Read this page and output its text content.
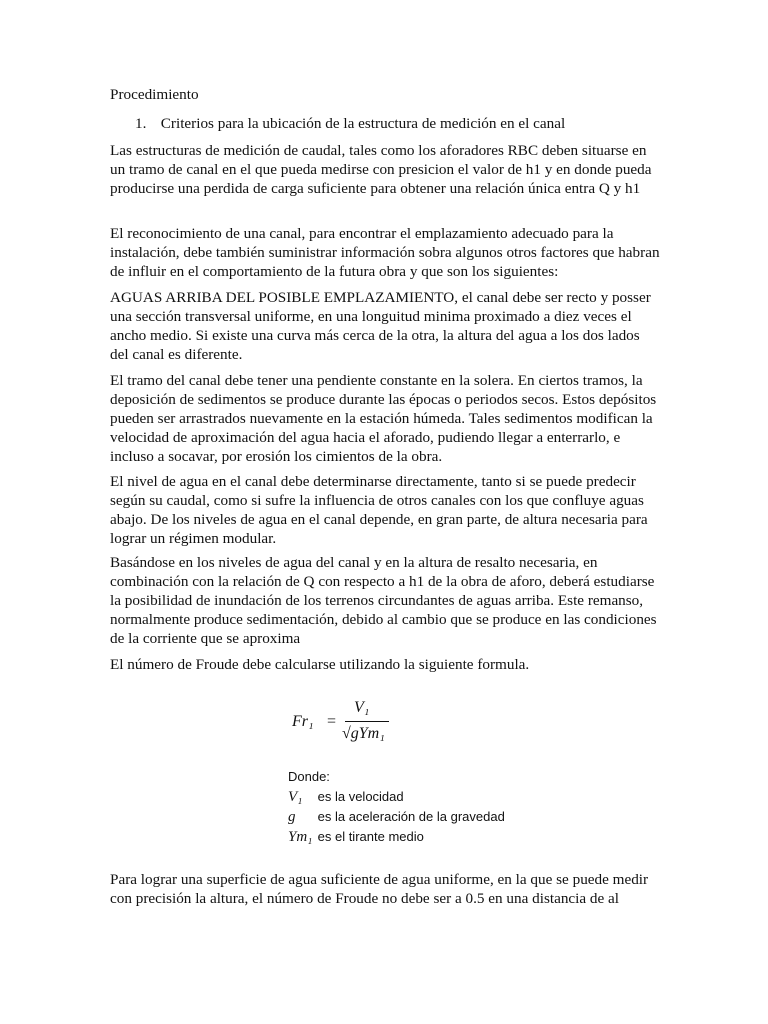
Procedimiento
1. Criterios para la ubicación de la estructura de medición en el canal

Las estructuras de medición de caudal, tales como los aforadores RBC deben situarse en un tramo de canal en el que pueda medirse con presicion el valor de h1 y en donde pueda producirse una perdida de carga suficiente para obtener una relación única entra Q y h1

El reconocimiento de una canal, para encontrar el emplazamiento adecuado para la instalación, debe también suministrar información sobra algunos otros factores que habran de influir en el comportamiento de la futura obra y que son los siguientes:

AGUAS ARRIBA DEL POSIBLE EMPLAZAMIENTO, el canal debe ser recto y posser una sección transversal uniforme, en una longuitud minima proximado a diez veces el ancho medio. Si existe una curva más cerca de la otra, la altura del agua a los dos lados del canal es diferente.

El tramo del canal debe tener una pendiente constante en la solera. En ciertos tramos, la deposición de sedimentos se produce durante las épocas o periodos secos. Estos depósitos pueden ser arrastrados nuevamente en la estación húmeda. Tales sedimentos modifican la velocidad de aproximación del agua hacia el aforado, pudiendo llegar a enterrarlo, e incluso a socavar, por erosión los cimientos de la obra.

El nivel de agua en el canal debe determinarse directamente, tanto si se puede predecir según su caudal, como si sufre la influencia de otros canales con los que confluye aguas abajo. De los niveles de agua en el canal depende, en gran parte, de altura necesaria para lograr un régimen modular.

Basándose en los niveles de agua del canal y en la altura de resalto necesaria, en combinación con la relación de Q con respecto a h1 de la obra de aforo, deberá estudiarse la posibilidad de inundación de los terrenos circundantes de aguas arriba. Este remanso, normalmente produce sedimentación, debido al cambio que se produce en las condiciones de la corriente que se aproxima

El número de Froude debe calcularse utilizando la siguiente formula.

Fr₁ =
V₁
√gYm₁
Donde:
V₁ es la velocidad
g es la aceleración de la gravedad
Ym₁ es el tirante medio

Para lograr una superficie de agua suficiente de agua uniforme, en la que se puede medir con precisión la altura, el número de Froude no debe ser a 0.5 en una distancia de al
